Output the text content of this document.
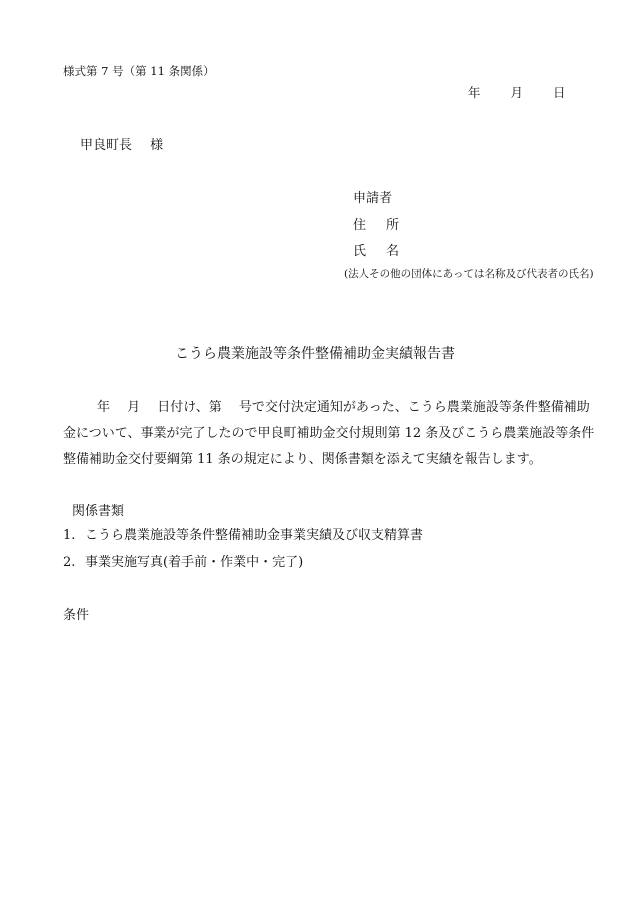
様式第 7 号（第 11 条関係）
年 月 日
甲良町長 様
申請者
住 所
氏 名
(法人その他の団体にあっては名称及び代表者の氏名)
こうら農業施設等条件整備補助金実績報告書
年　 月　 日付け、第　 号で交付決定通知があった、こうら農業施設等条件整備補助
金について、事業が完了したので甲良町補助金交付規則第 12 条及びこうら農業施設等条件
整備補助金交付要綱第 11 条の規定により、関係書類を添えて実績を報告します。
関係書類
1. こうら農業施設等条件整備補助金事業実績及び収支精算書
2. 事業実施写真(着手前・作業中・完了)
条件
